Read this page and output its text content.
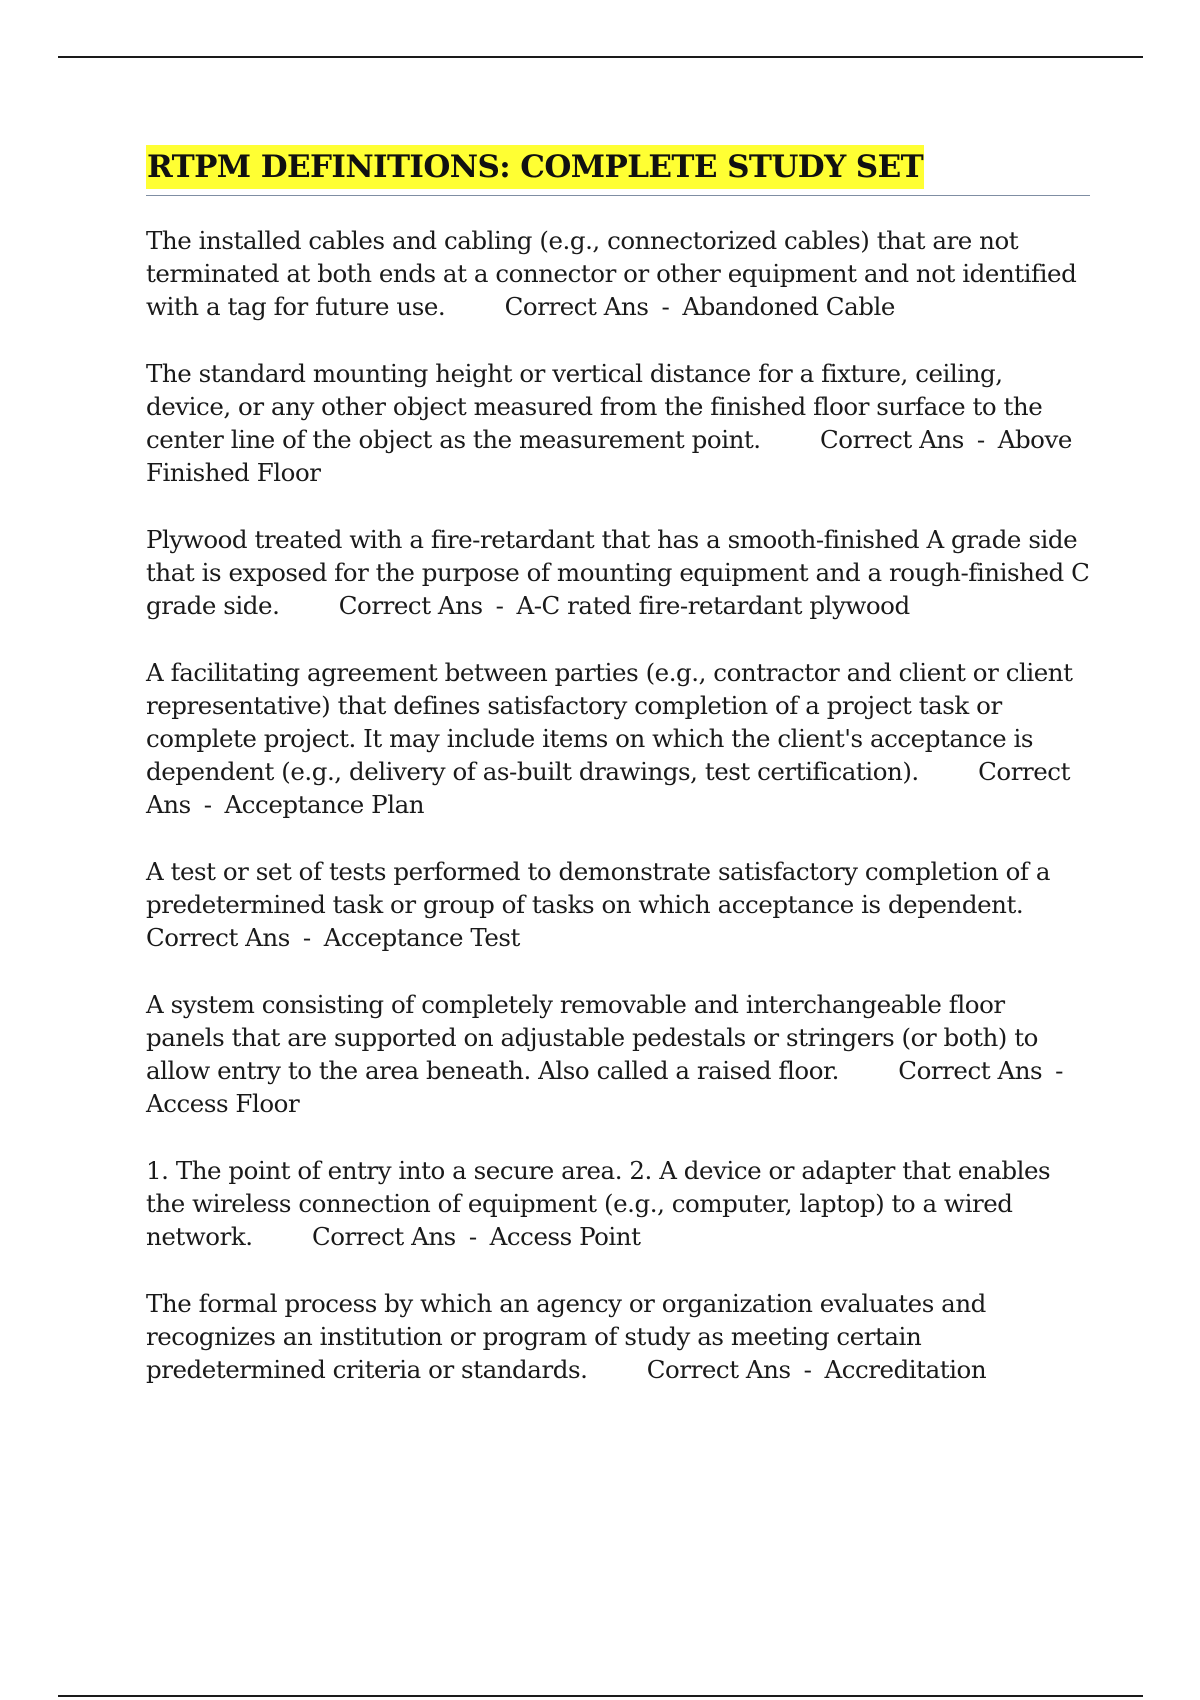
RTPM DEFINITIONS: COMPLETE STUDY SET

The installed cables and cabling (e.g., connectorized cables) that are not terminated at both ends at a connector or other equipment and not identified with a tag for future use. Correct Ans - Abandoned Cable

The standard mounting height or vertical distance for a fixture, ceiling, device, or any other object measured from the finished floor surface to the center line of the object as the measurement point. Correct Ans - Above Finished Floor

Plywood treated with a fire-retardant that has a smooth-finished A grade side that is exposed for the purpose of mounting equipment and a rough-finished C grade side. Correct Ans - A-C rated fire-retardant plywood

A facilitating agreement between parties (e.g., contractor and client or client representative) that defines satisfactory completion of a project task or complete project. It may include items on which the client's acceptance is dependent (e.g., delivery of as-built drawings, test certification). Correct Ans - Acceptance Plan

A test or set of tests performed to demonstrate satisfactory completion of a predetermined task or group of tasks on which acceptance is dependent. Correct Ans - Acceptance Test

A system consisting of completely removable and interchangeable floor panels that are supported on adjustable pedestals or stringers (or both) to allow entry to the area beneath. Also called a raised floor. Correct Ans -Access Floor

1. The point of entry into a secure area. 2. A device or adapter that enables the wireless connection of equipment (e.g., computer, laptop) to a wired network. Correct Ans - Access Point

The formal process by which an agency or organization evaluates and recognizes an institution or program of study as meeting certain predetermined criteria or standards. Correct Ans - Accreditation
